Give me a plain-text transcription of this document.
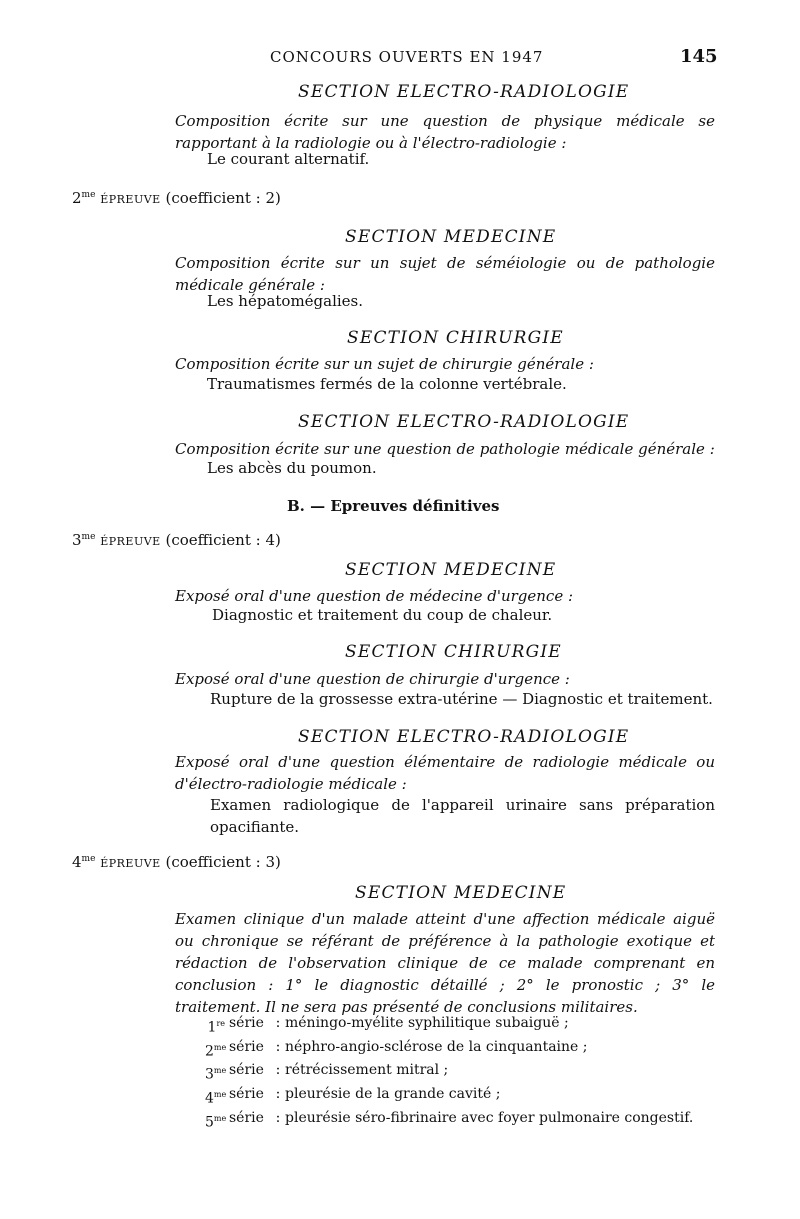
CONCOURS OUVERTS EN 1947	145
SECTION ELECTRO-RADIOLOGIE
Composition écrite sur une question de physique médicale se rapportant à la radiologie ou à l'électro-radiologie :
Le courant alternatif.
$2^{me}$ ÉPREUVE (coefficient : 2)
SECTION MEDECINE
Composition écrite sur un sujet de séméiologie ou de pathologie médicale générale :
Les hépatomégalies.
SECTION CHIRURGIE
Composition écrite sur un sujet de chirurgie générale :
Traumatismes fermés de la colonne vertébrale.
SECTION ELECTRO-RADIOLOGIE
Composition écrite sur une question de pathologie médicale générale :
Les abcès du poumon.
B. — Epreuves définitives
$3^{me}$ ÉPREUVE (coefficient : 4)
SECTION MEDECINE
Exposé oral d'une question de médecine d'urgence :
Diagnostic et traitement du coup de chaleur.
SECTION CHIRURGIE
Exposé oral d'une question de chirurgie d'urgence :
Rupture de la grossesse extra-utérine — Diagnostic et traitement.
SECTION ELECTRO-RADIOLOGIE
Exposé oral d'une question élémentaire de radiologie médicale ou d'électro-radiologie médicale :
Examen radiologique de l'appareil urinaire sans préparation opacifiante.
$4^{me}$ ÉPREUVE (coefficient : 3)
SECTION MEDECINE
Examen clinique d'un malade atteint d'une affection médicale aiguë ou chronique se référant de préférence à la pathologie exotique et rédaction de l'observation clinique de ce malade comprenant en conclusion : 1° le diagnostic détaillé ; 2° le pronostic ; 3° le traitement. Il ne sera pas présenté de conclusions militaires.
1re série : méningo-myélite syphilitique subaiguë ;
$2^{me}$ série : néphro-angio-sclérose de la cinquantaine ;
$3^{me}$ série : rétrécissement mitral ;
$4^{me}$ série : pleurésie de la grande cavité ;
$5^{me}$ série : pleurésie séro-fibrinaire avec foyer pulmonaire congestif.
